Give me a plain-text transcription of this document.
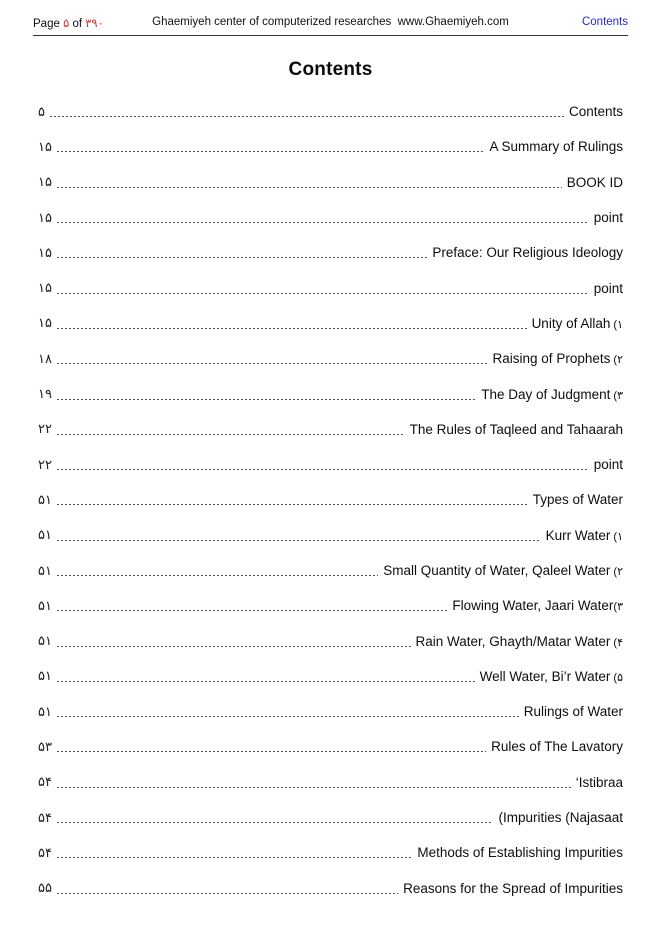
Page ۵ of ۳۹۰	Ghaemiyeh center of computerized researches  www.Ghaemiyeh.com	Contents
Contents
۵	Contents
۱۵	A Summary of Rulings
۱۵	BOOK ID
۱۵	point
۱۵	Preface: Our Religious Ideology
۱۵	point
۱۵	Unity of Allah (۱
۱۸	Raising of Prophets (۲
۱۹	The Day of Judgment (۳
۲۲	The Rules of Taqleed and Tahaarah
۲۲	point
۵۱	Types of Water
۵۱	Kurr Water (۱
۵۱	Small Quantity of Water, Qaleel Water (۲
۵۱	Flowing Water, Jaari Water(۳
۵۱	Rain Water, Ghayth/Matar Water (۴
۵۱	Well Water, Bi’r Water (۵
۵۱	Rulings of Water
۵۳	Rules of The Lavatory
۵۴	‘Istibraa
۵۴	(Impurities (Najasaat
۵۴	Methods of Establishing Impurities
۵۵	Reasons for the Spread of Impurities
